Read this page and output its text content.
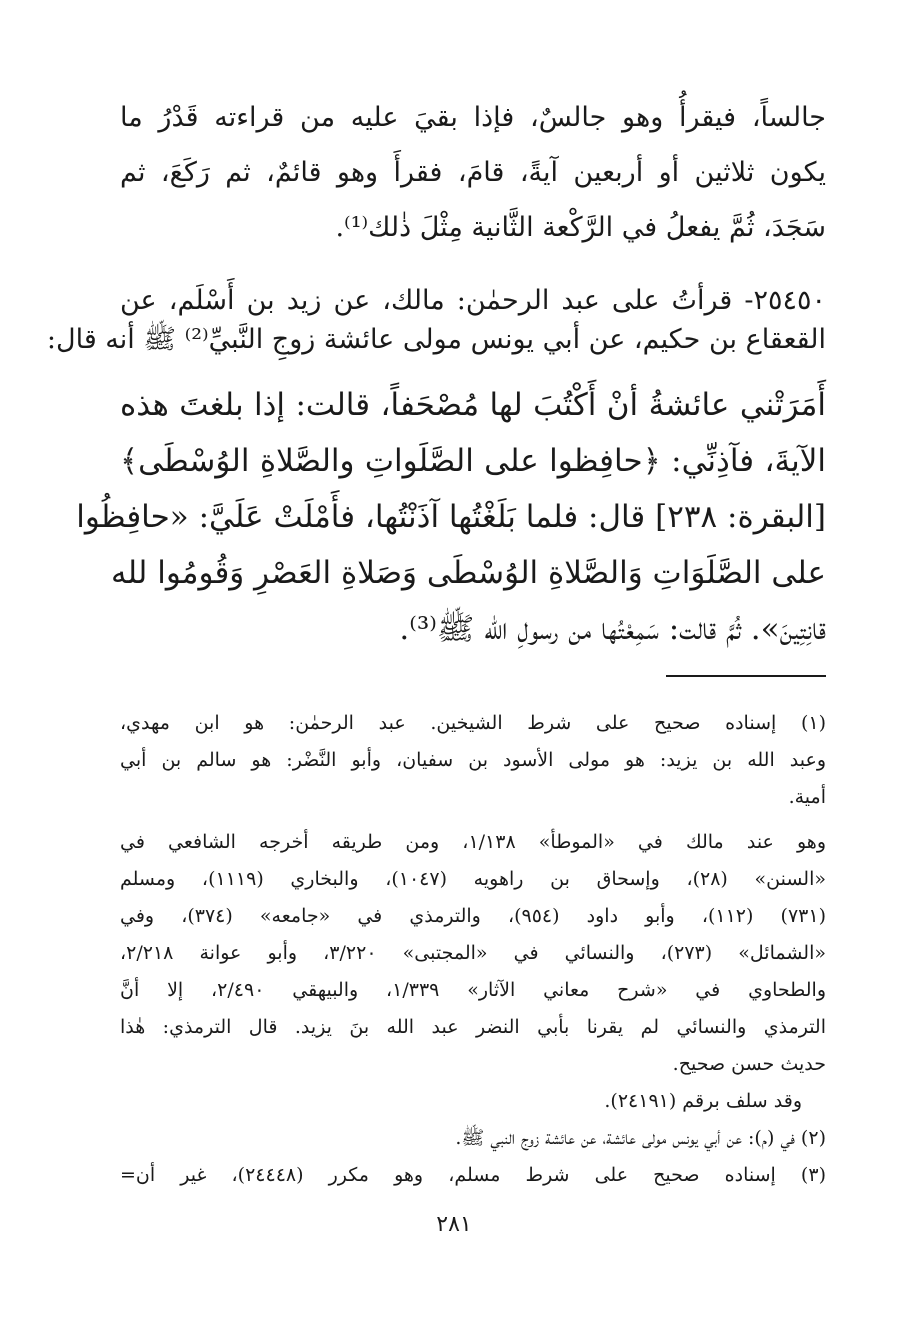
جالساً، فيقرأُ وهو جالسٌ، فإذا بقيَ عليه من قراءته قَدْرُ ما
يكون ثلاثين أو أربعين آيةً، قامَ، فقرأَ وهو قائمٌ، ثم رَكَعَ، ثم
سَجَدَ، ثُمَّ يفعلُ في الرَّكْعة الثَّانية مِثْلَ ذٰلك⁽¹⁾.
٢٥٤٥٠- قرأتُ على عبد الرحمٰن: مالك، عن زيد بن أَسْلَم، عن
القعقاع بن حكيم، عن أبي يونس مولى عائشة زوجِ النَّبيِّ⁽²⁾ ﷺ أنه قال:
أَمَرَتْني عائشةُ أنْ أَكْتُبَ لها مُصْحَفاً، قالت: إذا بلغتَ هذه
الآيةَ، فآذِنِّي: ﴿حافِظوا على الصَّلَواتِ والصَّلاةِ الوُسْطَى﴾
[البقرة: ٢٣٨] قال: فلما بَلَغْتُها آذَنْتُها، فأَمْلَتْ عَلَيَّ: «حافِظُوا
على الصَّلَوَاتِ وَالصَّلاةِ الوُسْطَى وَصَلاةِ العَصْرِ وَقُومُوا لله
قانِتِينَ». ثُمَّ قالت: سَمِعْتُها من رسولِ الله ﷺ⁽³⁾.
(١) إسناده صحيح على شرط الشيخين. عبد الرحمٰن: هو ابن مهدي،
وعبد الله بن يزيد: هو مولى الأسود بن سفيان، وأبو النَّضْر: هو سالم بن أبي
أمية.
وهو عند مالك في «الموطأ» ١/١٣٨، ومن طريقه أخرجه الشافعي في
«السنن» (٢٨)، وإسحاق بن راهويه (١٠٤٧)، والبخاري (١١١٩)، ومسلم
(٧٣١) (١١٢)، وأبو داود (٩٥٤)، والترمذي في «جامعه» (٣٧٤)، وفي
«الشمائل» (٢٧٣)، والنسائي في «المجتبى» ٣/٢٢٠، وأبو عوانة ٢/٢١٨،
والطحاوي في «شرح معاني الآثار» ١/٣٣٩، والبيهقي ٢/٤٩٠، إلا أنَّ
الترمذي والنسائي لم يقرنا بأبي النضر عبد الله بنَ يزيد. قال الترمذي: هٰذا
حديث حسن صحيح.
وقد سلف برقم (٢٤١٩١).
(٢) في (م): عن أبي يونس مولى عائشة، عن عائشة زوج النبي ﷺ.
(٣) إسناده صحيح على شرط مسلم، وهو مكرر (٢٤٤٤٨)، غير أن=
٢٨١
